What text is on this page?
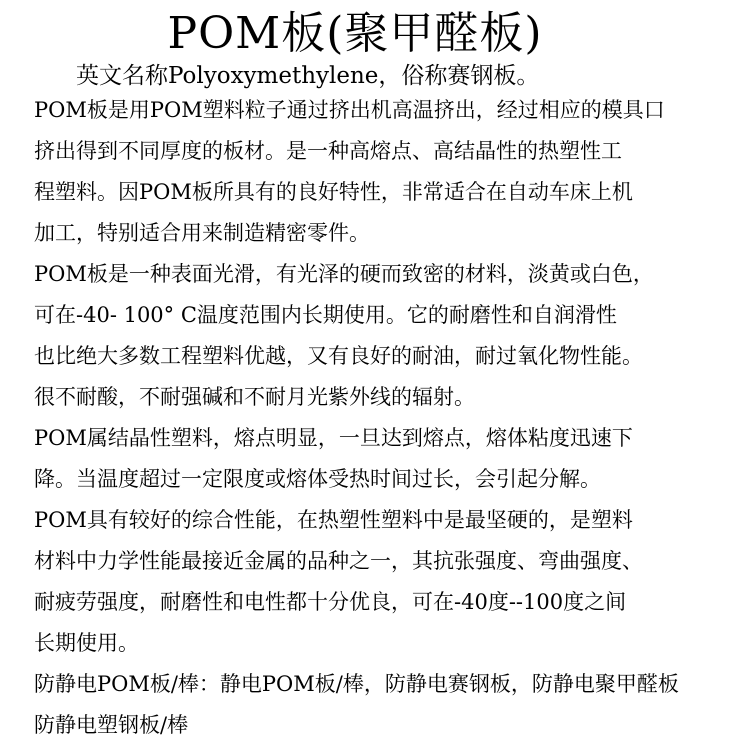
POM板(聚甲醛板)

英文名称Polyoxymethylene，俗称赛钢板。

POM板是用POM塑料粒子通过挤出机高温挤出，经过相应的模具口

挤出得到不同厚度的板材。是一种高熔点、高结晶性的热塑性工

程塑料。因POM板所具有的良好特性，非常适合在自动车床上机

加工，特别适合用来制造精密零件。

POM板是一种表面光滑，有光泽的硬而致密的材料，淡黄或白色，

可在-40- 100° C温度范围内长期使用。它的耐磨性和自润滑性

也比绝大多数工程塑料优越，又有良好的耐油，耐过氧化物性能。

很不耐酸，不耐强碱和不耐月光紫外线的辐射。

POM属结晶性塑料，熔点明显，一旦达到熔点，熔体粘度迅速下

降。当温度超过一定限度或熔体受热时间过长，会引起分解。

POM具有较好的综合性能，在热塑性塑料中是最坚硬的，是塑料

材料中力学性能最接近金属的品种之一，其抗张强度、弯曲强度、

耐疲劳强度，耐磨性和电性都十分优良，可在-40度--100度之间

长期使用。

防静电POM板/棒：静电POM板/棒，防静电赛钢板，防静电聚甲醛板

防静电塑钢板/棒
